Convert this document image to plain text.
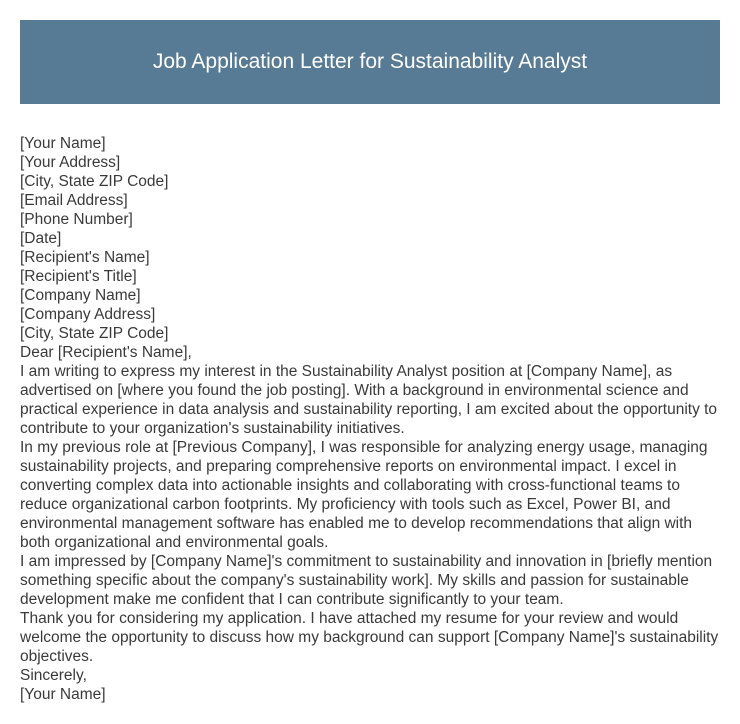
Job Application Letter for Sustainability Analyst

[Your Name]

[Your Address]

[City, State ZIP Code]

[Email Address]

[Phone Number]

[Date]

[Recipient's Name]

[Recipient's Title]

[Company Name]

[Company Address]

[City, State ZIP Code]

Dear [Recipient's Name],

I am writing to express my interest in the Sustainability Analyst position at [Company Name], as advertised on [where you found the job posting]. With a background in environmental science and practical experience in data analysis and sustainability reporting, I am excited about the opportunity to contribute to your organization's sustainability initiatives.

In my previous role at [Previous Company], I was responsible for analyzing energy usage, managing sustainability projects, and preparing comprehensive reports on environmental impact. I excel in converting complex data into actionable insights and collaborating with cross-functional teams to reduce organizational carbon footprints. My proficiency with tools such as Excel, Power BI, and environmental management software has enabled me to develop recommendations that align with both organizational and environmental goals.

I am impressed by [Company Name]'s commitment to sustainability and innovation in [briefly mention something specific about the company's sustainability work]. My skills and passion for sustainable development make me confident that I can contribute significantly to your team.

Thank you for considering my application. I have attached my resume for your review and would welcome the opportunity to discuss how my background can support [Company Name]'s sustainability objectives.

Sincerely,

[Your Name]
